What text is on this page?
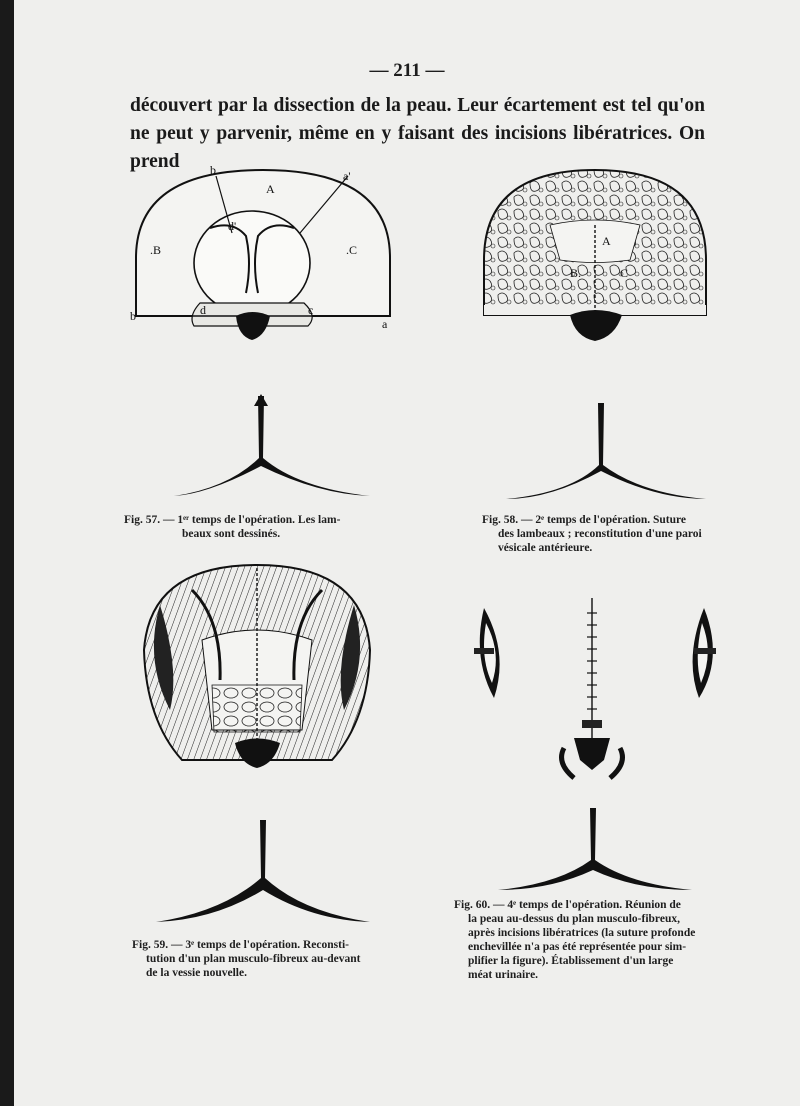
— 211 —

découvert par la dissection de la peau. Leur écartement est tel qu'on ne peut y parvenir, même en y faisant des incisions libératrices. On prend	b	a'
A
d'
.B	.C
b	d	c
a
Fig. 57. — 1ᵉʳ temps de l'opération. Les lam-
beaux sont dessinés.
A
B.	C
Fig. 58. — 2ᵉ temps de l'opération. Suture
des lambeaux ; reconstitution d'une paroi
vésicale antérieure.
Fig. 59. — 3ᵉ temps de l'opération. Reconsti-
tution d'un plan musculo-fibreux au-devant
de la vessie nouvelle.
Fig. 60. — 4ᵉ temps de l'opération. Réunion de
la peau au-dessus du plan musculo-fibreux,
après incisions libératrices (la suture profonde
enchevillée n'a pas été représentée pour sim-
plifier la figure). Établissement d'un large
méat urinaire.
